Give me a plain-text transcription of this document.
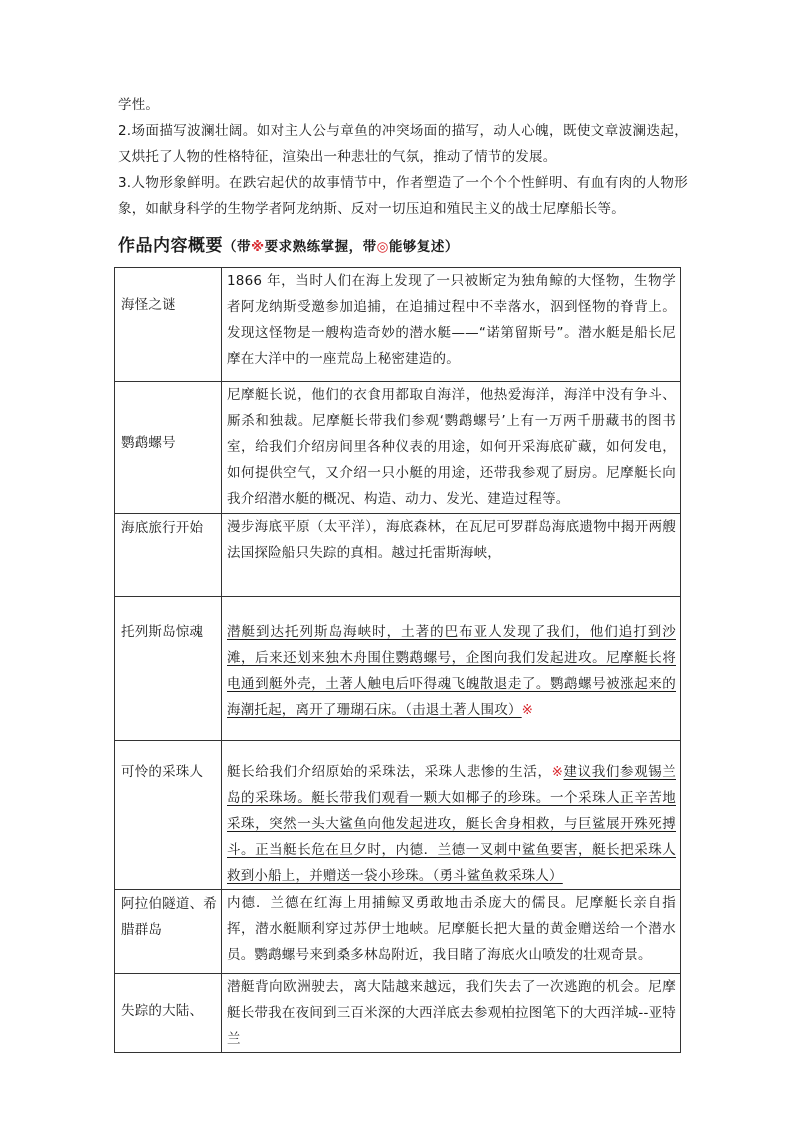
学性。

2.场面描写波澜壮阔。如对主人公与章鱼的冲突场面的描写，动人心魄，既使文章波澜迭起，又烘托了人物的性格特征，渲染出一种悲壮的气氛，推动了情节的发展。

3.人物形象鲜明。在跌宕起伏的故事情节中，作者塑造了一个个个性鲜明、有血有肉的人物形象，如献身科学的生物学者阿龙纳斯、反对一切压迫和殖民主义的战士尼摩船长等。

作品内容概要（带※要求熟练掌握，带◎能够复述）
海怪之谜	1866 年，当时人们在海上发现了一只被断定为独角鲸的大怪物，生物学者阿龙纳斯受邀参加追捕，在追捕过程中不幸落水，泅到怪物的脊背上。发现这怪物是一艘构造奇妙的潜水艇——“诺第留斯号”。潜水艇是船长尼摩在大洋中的一座荒岛上秘密建造的。
鹦鹉螺号	尼摩艇长说，他们的衣食用都取自海洋，他热爱海洋，海洋中没有争斗、厮杀和独裁。尼摩艇长带我们参观‘鹦鹉螺号’上有一万两千册藏书的图书室，给我们介绍房间里各种仪表的用途，如何开采海底矿藏，如何发电，如何提供空气，又介绍一只小艇的用途，还带我参观了厨房。尼摩艇长向我介绍潜水艇的概况、构造、动力、发光、建造过程等。
海底旅行开始	漫步海底平原（太平洋），海底森林，在瓦尼可罗群岛海底遗物中揭开两艘法国探险船只失踪的真相。越过托雷斯海峡，
托列斯岛惊魂	潜艇到达托列斯岛海峡时，土著的巴布亚人发现了我们，他们追打到沙滩，后来还划来独木舟围住鹦鹉螺号，企图向我们发起进攻。尼摩艇长将电通到艇外壳，土著人触电后吓得魂飞魄散退走了。鹦鹉螺号被涨起来的海潮托起，离开了珊瑚石床。（击退土著人围攻）※
可怜的采珠人	艇长给我们介绍原始的采珠法，采珠人悲惨的生活，※建议我们参观锡兰岛的采珠场。艇长带我们观看一颗大如椰子的珍珠。一个采珠人正辛苦地采珠，突然一头大鲨鱼向他发起进攻，艇长舍身相救，与巨鲨展开殊死搏斗。正当艇长危在旦夕时，内德．兰德一叉刺中鲨鱼要害，艇长把采珠人救到小船上，并赠送一袋小珍珠。（勇斗鲨鱼救采珠人）
阿拉伯隧道、希腊群岛	内德．兰德在红海上用捕鲸叉勇敢地击杀庞大的儒艮。尼摩艇长亲自指挥，潜水艇顺利穿过苏伊士地峡。尼摩艇长把大量的黄金赠送给一个潜水员。鹦鹉螺号来到桑多林岛附近，我目睹了海底火山喷发的壮观奇景。
失踪的大陆、	潜艇背向欧洲驶去，离大陆越来越远，我们失去了一次逃跑的机会。尼摩艇长带我在夜间到三百米深的大西洋底去参观柏拉图笔下的大西洋城--亚特兰
